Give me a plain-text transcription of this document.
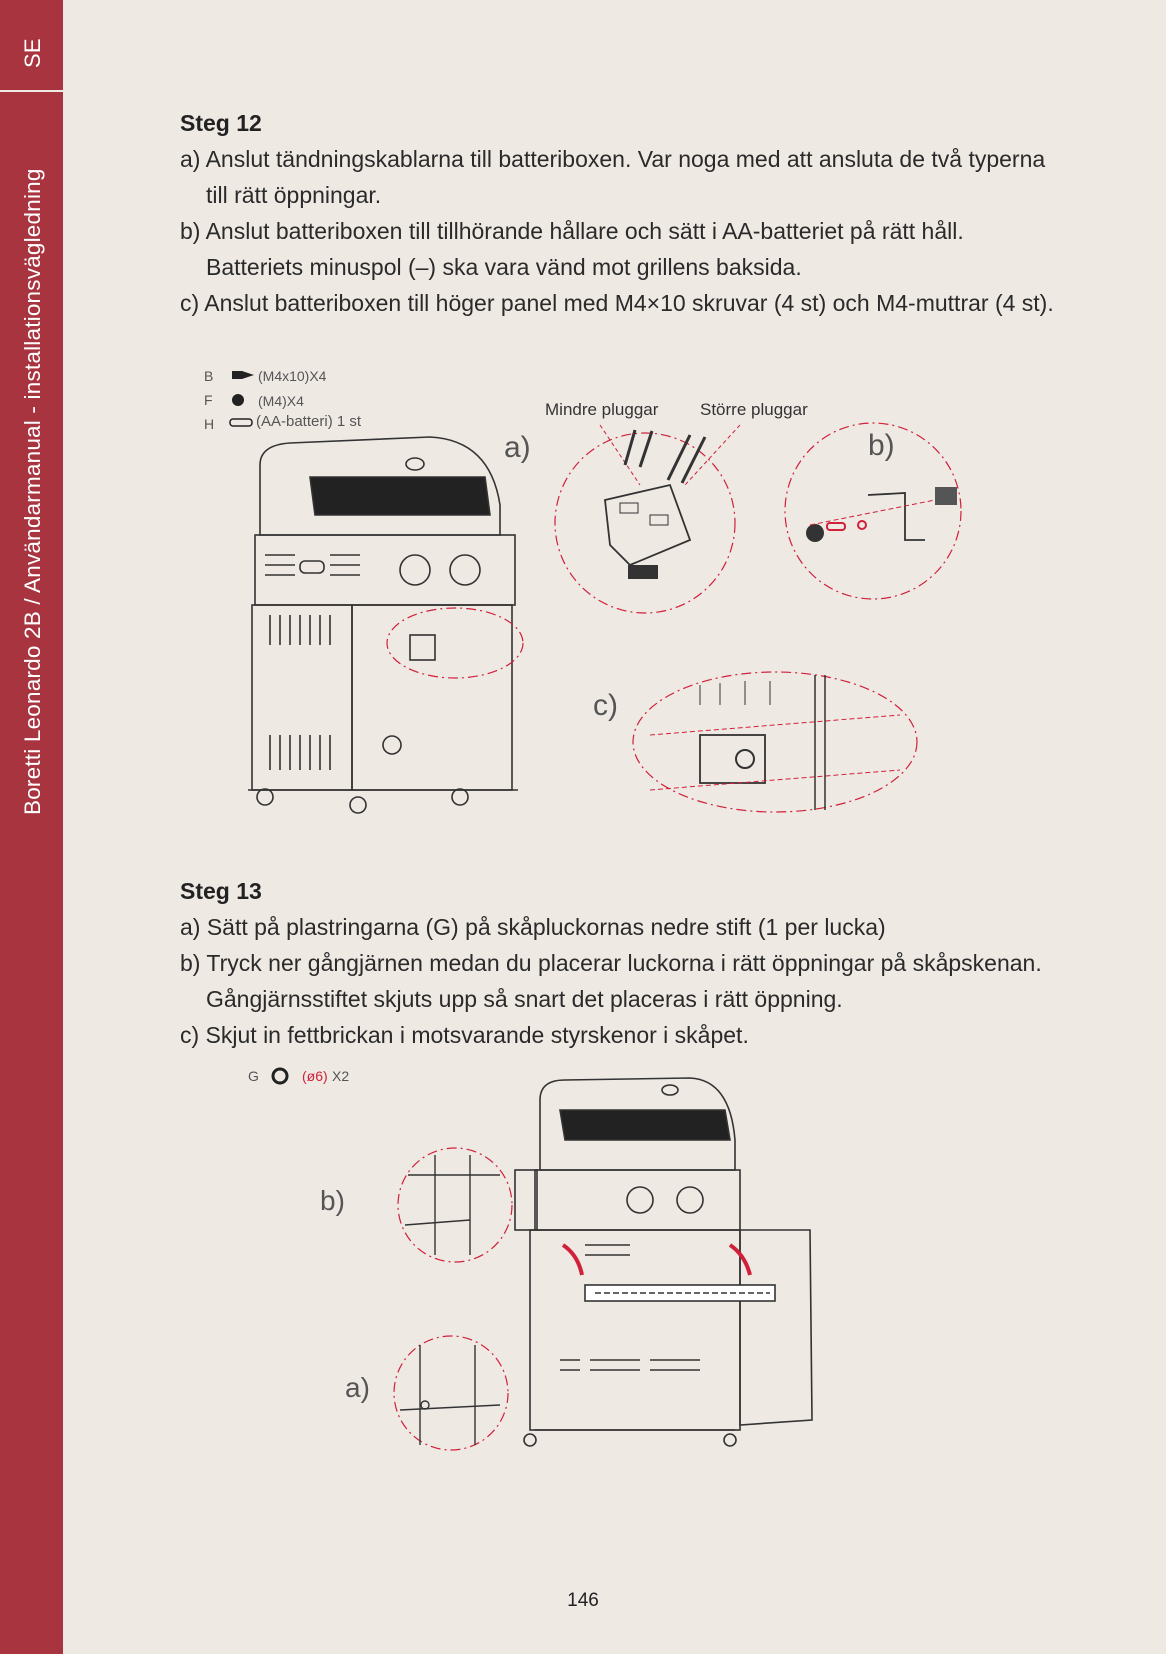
SE
Boretti Leonardo 2B / Användarmanual - installationsvägledning
Steg 12

a) Anslut tändningskablarna till batteriboxen. Var noga med att ansluta de två typerna till rätt öppningar.

b) Anslut batteriboxen till tillhörande hållare och sätt i AA-batteriet på rätt håll. Batteriets minuspol (–) ska vara vänd mot grillens baksida.

c) Anslut batteriboxen till höger panel med M4×10 skruvar (4 st) och M4-muttrar (4 st).

B	(M4x10)X4
F	(M4)X4
H	(AA-batteri) 1 st
a)
Mindre pluggar Större pluggar
b)
c)
Steg 13

a) Sätt på plastringarna (G) på skåpluckornas nedre stift (1 per lucka)

b) Tryck ner gångjärnen medan du placerar luckorna i rätt öppningar på skåpskenan. Gångjärnsstiftet skjuts upp så snart det placeras i rätt öppning.

c) Skjut in fettbrickan i motsvarande styrskenor i skåpet.

G	(ø6) X2
b)
a)
146
